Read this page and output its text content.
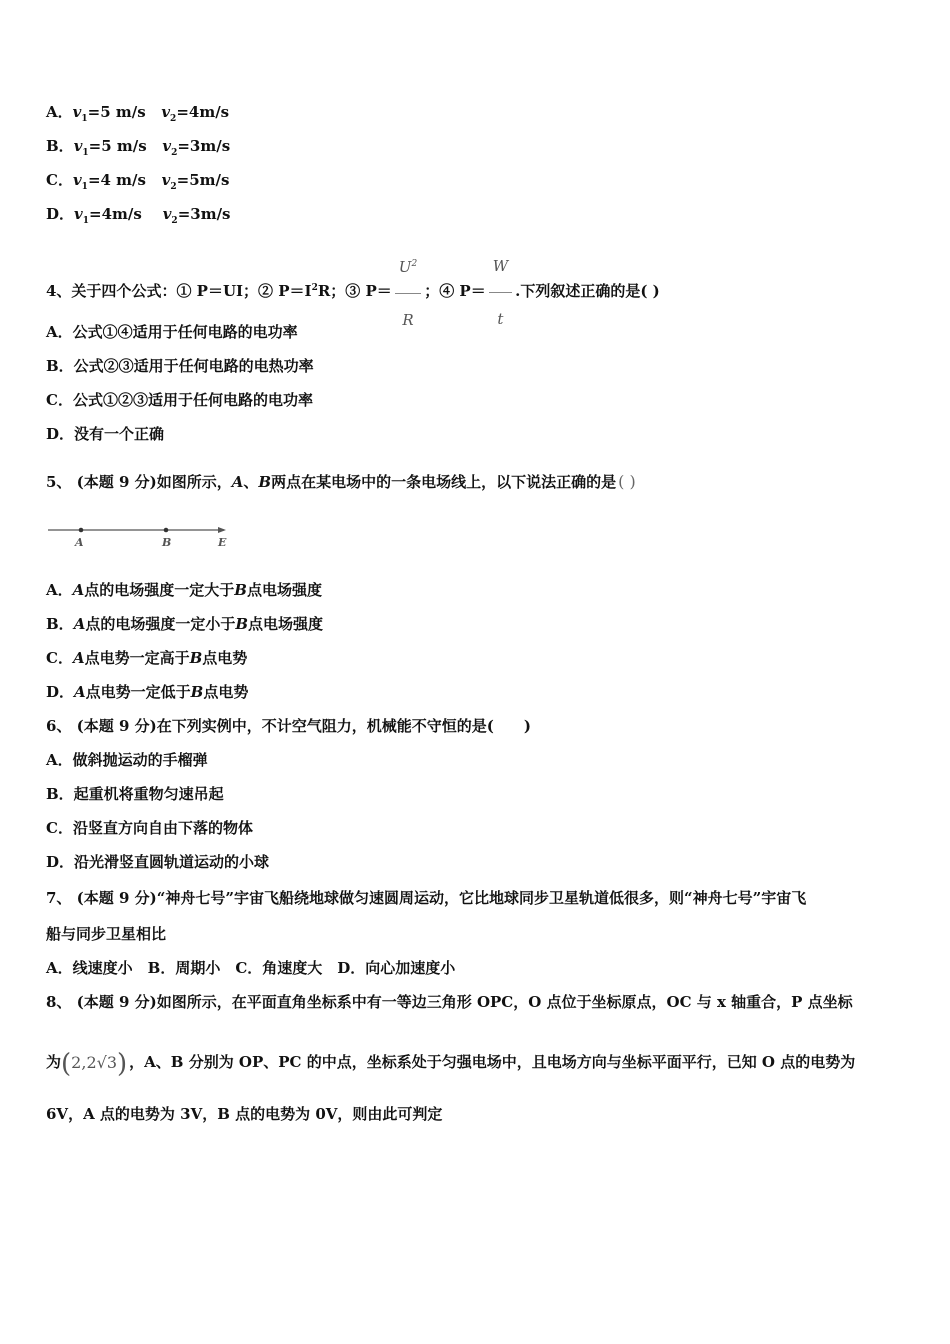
A．$v_1=5$ m/s $v_2=4m/s$
B．$v_1=5$ m/s $v_2=3m/s$
C．$v_1=4$ m/s $v_2=5m/s$
D．$v_1=4m/s$ $v_2=3m/s$
4、关于四个公式：① P＝UI；② $P=I^2R$；③ $P= \frac{U^2}{R}$ ；④ $P= \frac{W}{t}$ .下列叙述正确的是( )
A．公式①④适用于任何电路的电功率
B．公式②③适用于任何电路的电热功率
C．公式①②③适用于任何电路的电功率
D．没有一个正确
5、 (本题 9 分)如图所示，A、B两点在某电场中的一条电场线上，以下说法正确的是 ( )
A	B	E
A．A点的电场强度一定大于B点电场强度
B．A点的电场强度一定小于B点电场强度
C．A点电势一定高于B点电势
D．A点电势一定低于B点电势
6、 (本题 9 分)在下列实例中，不计空气阻力，机械能不守恒的是(　　)
A．做斜抛运动的手榴弹
B．起重机将重物匀速吊起
C．沿竖直方向自由下落的物体
D．沿光滑竖直圆轨道运动的小球
7、 (本题 9 分)“神舟七号”宇宙飞船绕地球做匀速圆周运动，它比地球同步卫星轨道低很多，则“神舟七号”宇宙飞
船与同步卫星相比
A．线速度小　B．周期小　C．角速度大　D．向心加速度小
8、 (本题 9 分)如图所示，在平面直角坐标系中有一等边三角形 OPC，O 点位于坐标原点，OC 与 x 轴重合，P 点坐标
为(2,2√3) ，A、B 分别为 OP、PC 的中点，坐标系处于匀强电场中，且电场方向与坐标平面平行，已知 O 点的电势为
6V，A 点的电势为 3V，B 点的电势为 0V，则由此可判定
